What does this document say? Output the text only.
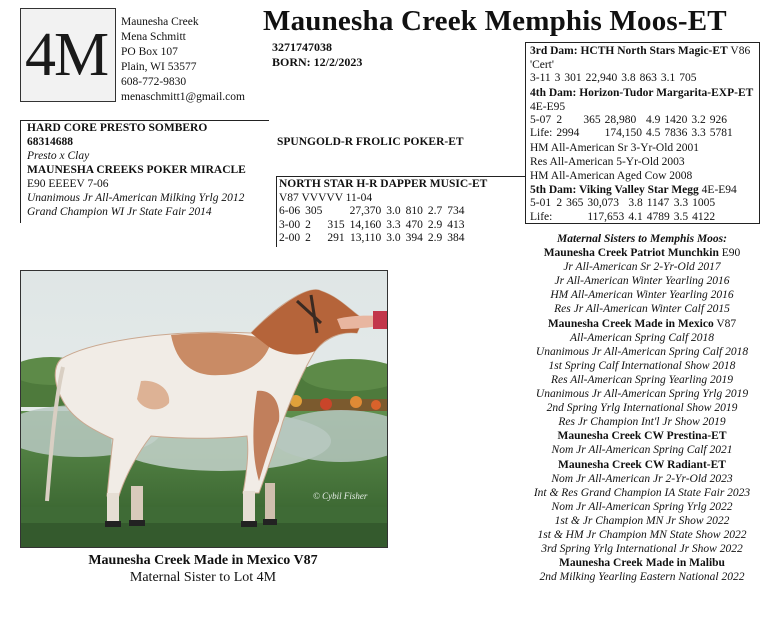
4M Maunesha Creek
Mena Schmitt
PO Box 107
Plain, WI 53577
608-772-9830
menaschmitt1@gmail.com
Maunesha Creek Memphis Moos-ET
3271747038
BORN: 12/2/2023
HARD CORE PRESTO SOMBERO
68314688
Presto x Clay
MAUNESHA CREEKS POKER MIRACLE
E90 EEEEV 7-06
Unanimous Jr All-American Milking Yrlg 2012
Grand Champion WI Jr State Fair 2014
SPUNGOLD-R FROLIC POKER-ET
NORTH STAR H-R DAPPER MUSIC-ET
V87 VVVVV 11-04
6-06	305		27,370	3.0	810	2.7	734
3-00	2	315	14,160	3.3	470	2.9	413
2-00	2	291	13,110	3.0	394	2.9	384
3rd Dam: HCTH North Stars Magic-ET V86
'Cert'
3-11	3	301	22,940	3.8	863	3.1	705
4th Dam: Horizon-Tudor Margarita-EXP-ET
4E-E95
5-07	2	365	28,980	4.9	1420	3.2	926
Life:	2994		174,150	4.5	7836	3.3	5781
HM All-American Sr 3-Yr-Old 2001
Res All-American 5-Yr-Old 2003
HM All-American Aged Cow 2008
5th Dam: Viking Valley Star Megg 4E-E94
5-01	2	365	30,073	3.8	1147	3.3	1005
Life:			117,653	4.1	4789	3.5	4122
Maternal Sisters to Memphis Moos:
Maunesha Creek Patriot Munchkin E90
Jr All-American Sr 2-Yr-Old 2017
Jr All-American Winter Yearling 2016
HM All-American Winter Yearling 2016
Res Jr All-American Winter Calf 2015
Maunesha Creek Made in Mexico V87
All-American Spring Calf 2018
Unanimous Jr All-American Spring Calf 2018
1st Spring Calf International Show 2018
Res All-American Spring Yearling 2019
Unanimous Jr All-American Spring Yrlg 2019
2nd Spring Yrlg International Show 2019
Res Jr Champion Int'l Jr Show 2019
Maunesha Creek CW Prestina-ET
Nom Jr All-American Spring Calf 2021
Maunesha Creek CW Radiant-ET
Nom Jr All-American Jr 2-Yr-Old 2023
Int & Res Grand Champion IA State Fair 2023
Nom Jr All-American Spring Yrlg 2022
1st & Jr Champion MN Jr Show 2022
1st & HM Jr Champion MN State Show 2022
3rd Spring Yrlg International Jr Show 2022
Maunesha Creek Made in Malibu
2nd Milking Yearling Eastern National 2022
© Cybil Fisher
Maunesha Creek Made in Mexico V87
Maternal Sister to Lot 4M
